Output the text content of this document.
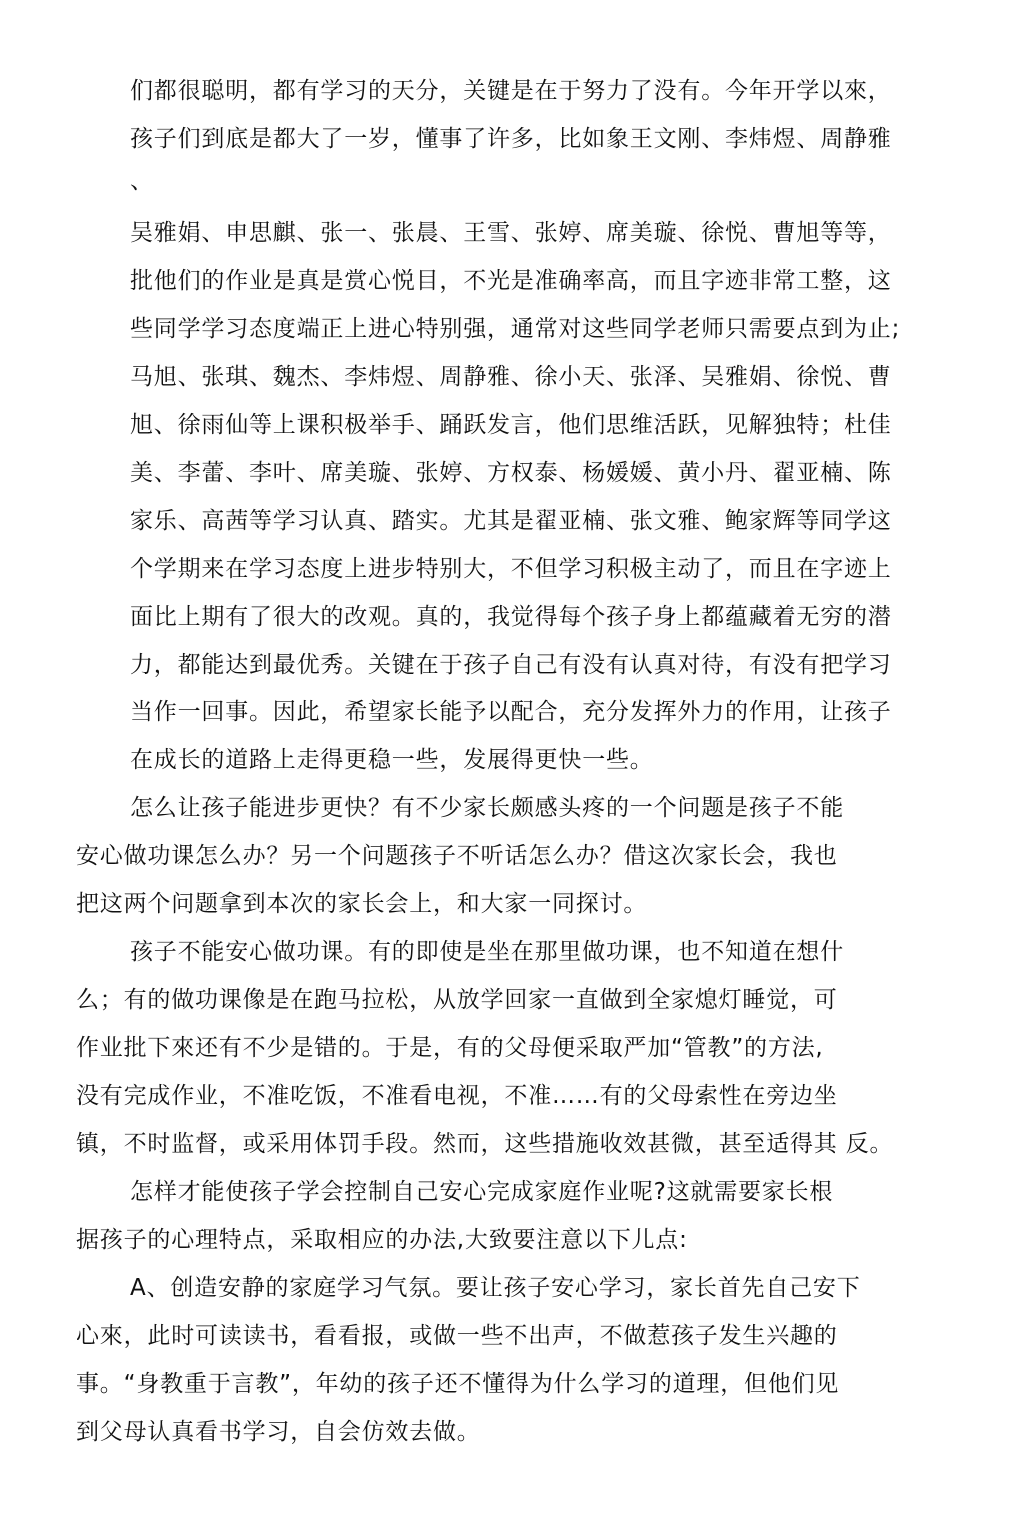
们都很聪明，都有学习的天分，关键是在于努力了没有。今年开学以來，

孩子们到底是都大了一岁，懂事了许多，比如象王文刚、李炜煜、周静雅

、

吴雅娟、申思麒、张一、张晨、王雪、张婷、席美璇、徐悦、曹旭等等，

批他们的作业是真是赏心悦目，不光是准确率高，而且字迹非常工整，这

些同学学习态度端正上进心特别强，通常对这些同学老师只需要点到为止;

马旭、张琪、魏杰、李炜煜、周静雅、徐小天、张泽、吴雅娟、徐悦、曹

旭、徐雨仙等上课积极举手、踊跃发言，他们思维活跃，见解独特；杜佳

美、李蕾、李叶、席美璇、张婷、方权泰、杨媛媛、黄小丹、翟亚楠、陈

家乐、高茜等学习认真、踏实。尤其是翟亚楠、张文雅、鲍家辉等同学这

个学期来在学习态度上进步特别大，不但学习积极主动了，而且在字迹上

面比上期有了很大的改观。真的，我觉得每个孩子身上都蕴藏着无穷的潜

力，都能达到最优秀。关键在于孩子自己有没有认真对待，有没有把学习

当作一回事。因此，希望家长能予以配合，充分发挥外力的作用，让孩子

在成长的道路上走得更稳一些，发展得更快一些。

怎么让孩子能进步更快？有不少家长颇感头疼的一个问题是孩子不能

安心做功课怎么办？另一个问题孩子不听话怎么办？借这次家长会，我也

把这两个问题拿到本次的家长会上，和大家一同探讨。

孩子不能安心做功课。有的即使是坐在那里做功课，也不知道在想什

么；有的做功课像是在跑马拉松，从放学回家一直做到全家熄灯睡觉，可

作业批下來还有不少是错的。于是，有的父母便采取严加“管教”的方法,

没有完成作业，不准吃饭，不准看电视，不准……有的父母索性在旁边坐

镇，不时监督，或采用体罚手段。然而，这些措施收效甚微，甚至适得其 反。

怎样才能使孩子学会控制自己安心完成家庭作业呢?这就需要家长根

据孩子的心理特点，采取相应的办法,大致要注意以下儿点:

A、创造安静的家庭学习气氛。要让孩子安心学习，家长首先自己安下

心來，此时可读读书，看看报，或做一些不出声，不做惹孩子发生兴趣的

事。“身教重于言教”，年幼的孩子还不懂得为什么学习的道理，但他们见

到父母认真看书学习，自会仿效去做。
